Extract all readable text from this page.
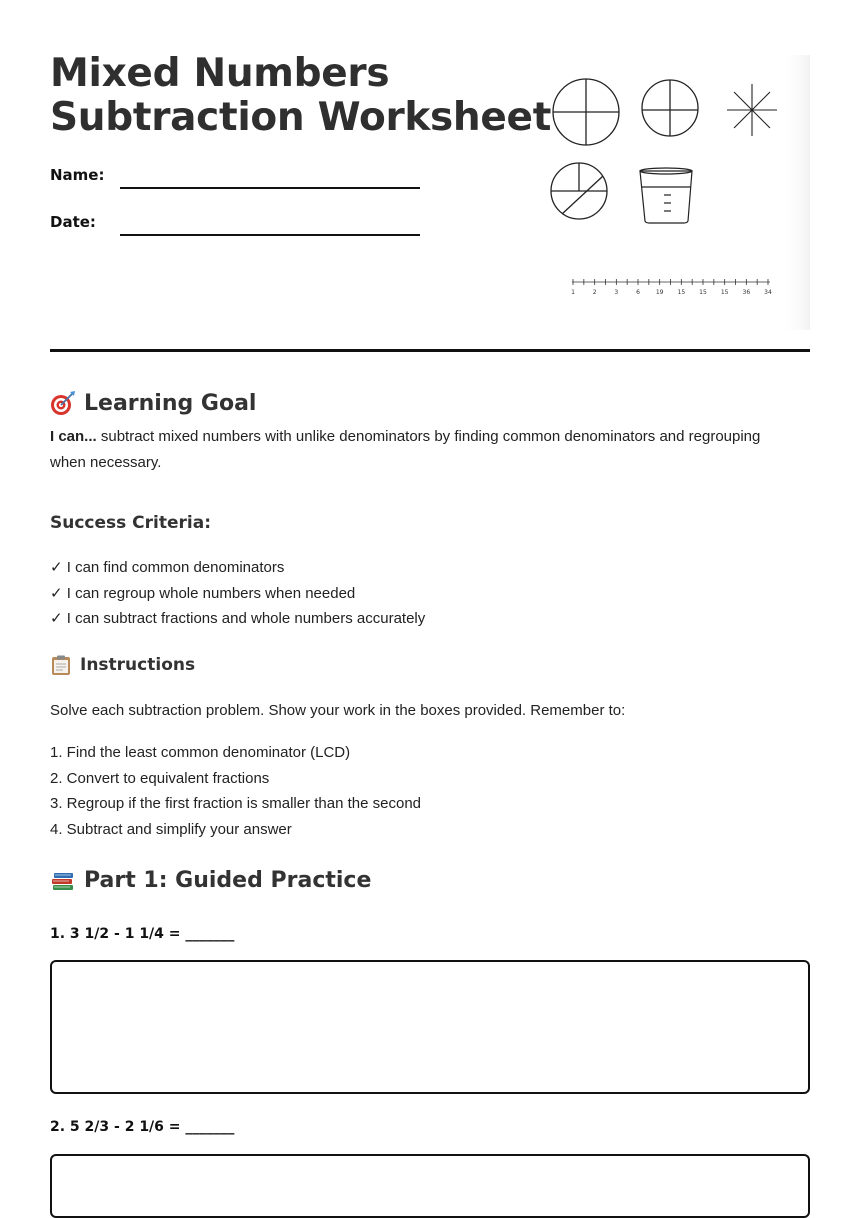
Mixed Numbers
Subtraction Worksheet
Name:
Date:
1	2	3	6	19 15 15 15 36 34
Learning Goal

I can... subtract mixed numbers with unlike denominators by finding common denominators and regrouping when necessary.

Success Criteria:
✓ I can find common denominators
✓ I can regroup whole numbers when needed
✓ I can subtract fractions and whole numbers accurately
Instructions

Solve each subtraction problem. Show your work in the boxes provided. Remember to:

1. Find the least common denominator (LCD)
2. Convert to equivalent fractions
3. Regroup if the first fraction is smaller than the second
4. Subtract and simplify your answer
Part 1: Guided Practice
1. 3 1/2 - 1 1/4 = _______
2. 5 2/3 - 2 1/6 = _______
